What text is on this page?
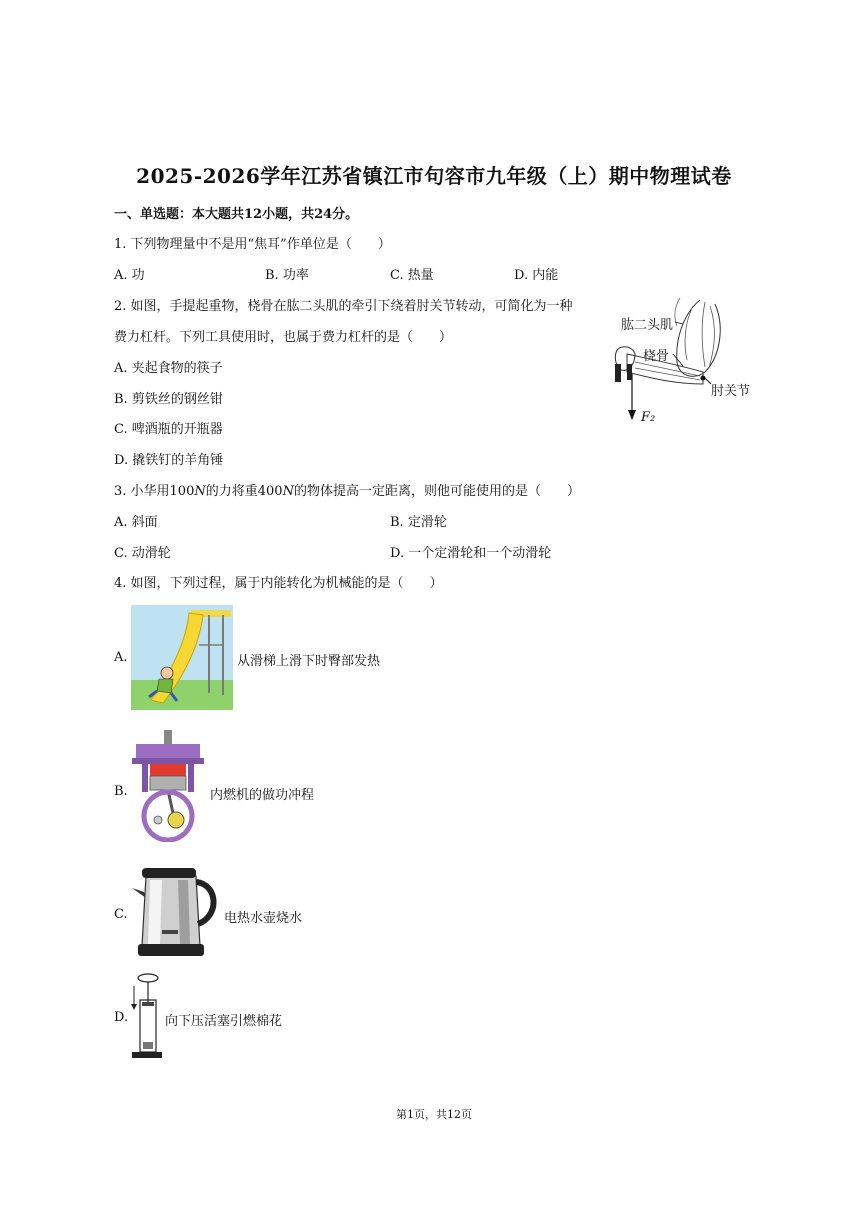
2025-2026学年江苏省镇江市句容市九年级（上）期中物理试卷
一、单选题：本大题共12小题，共24分。
1. 下列物理量中不是用“焦耳”作单位是（　　）
A. 功	B. 功率	C. 热量	D. 内能
2. 如图，手提起重物，桡骨在肱二头肌的牵引下绕着肘关节转动，可简化为一种
费力杠杆。下列工具使用时，也属于费力杠杆的是（　　）
A. 夹起食物的筷子
B. 剪铁丝的钢丝钳
C. 啤酒瓶的开瓶器
D. 撬铁钉的羊角锤
肱二头肌
桡骨
肘关节
F₂
3. 小华用100N的力将重400N的物体提高一定距离，则他可能使用的是（　　）
A. 斜面	B. 定滑轮
C. 动滑轮	D. 一个定滑轮和一个动滑轮
4. 如图，下列过程，属于内能转化为机械能的是（　　）
A.	从滑梯上滑下时臀部发热
B.	内燃机的做功冲程
C.	电热水壶烧水
D.	向下压活塞引燃棉花
第1页，共12页
